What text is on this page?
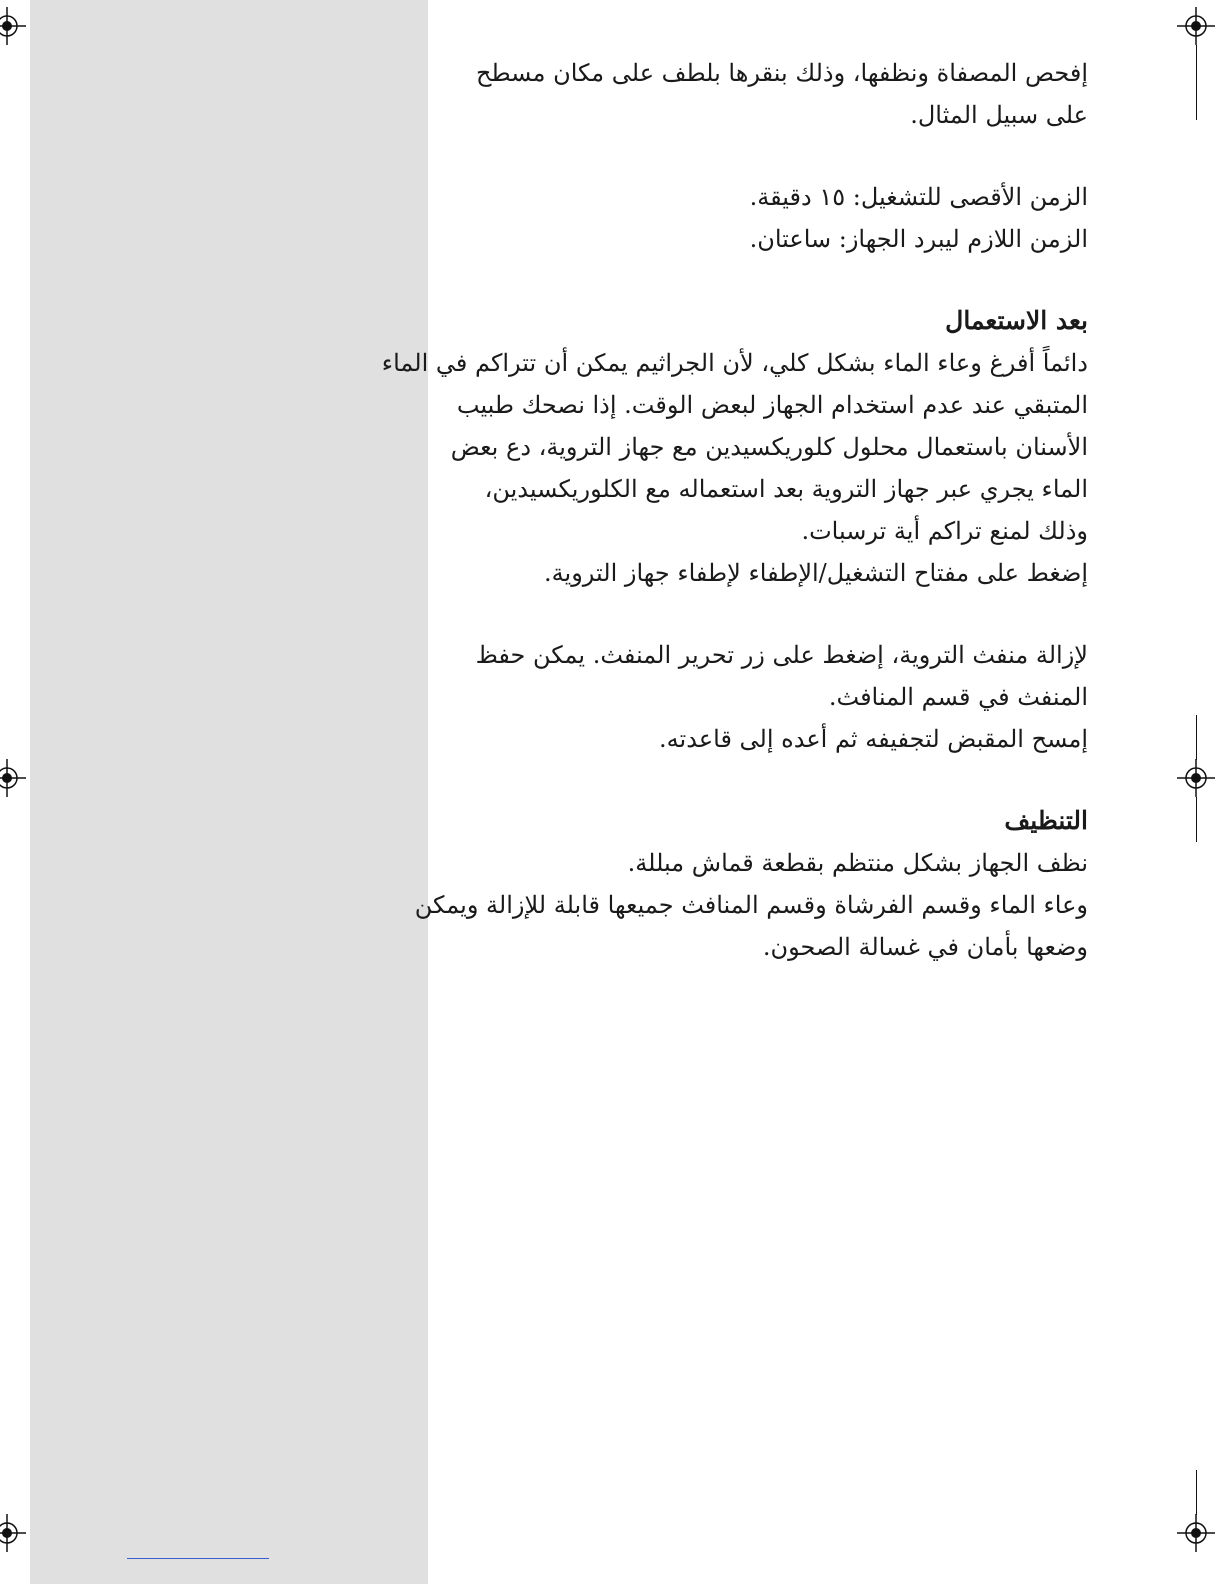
إفحص المصفاة ونظفها، وذلك بنقرها بلطف على مكان مسطح
على سبيل المثال.
الزمن الأقصى للتشغيل: ١٥ دقيقة.
الزمن اللازم ليبرد الجهاز: ساعتان.
بعد الاستعمال
دائماً أفرغ وعاء الماء بشكل كلي، لأن الجراثيم يمكن أن تتراكم في الماء
المتبقي عند عدم استخدام الجهاز لبعض الوقت. إذا نصحك طبيب
الأسنان باستعمال محلول كلوريكسيدين مع جهاز التروية، دع بعض
الماء يجري عبر جهاز التروية بعد استعماله مع الكلوريكسيدين،
وذلك لمنع تراكم أية ترسبات.
إضغط على مفتاح التشغيل/الإطفاء لإطفاء جهاز التروية.
لإزالة منفث التروية، إضغط على زر تحرير المنفث. يمكن حفظ
المنفث في قسم المنافث.
إمسح المقبض لتجفيفه ثم أعده إلى قاعدته.
التنظيف
نظف الجهاز بشكل منتظم بقطعة قماش مبللة.
وعاء الماء وقسم الفرشاة وقسم المنافث جميعها قابلة للإزالة ويمكن
وضعها بأمان في غسالة الصحون.
